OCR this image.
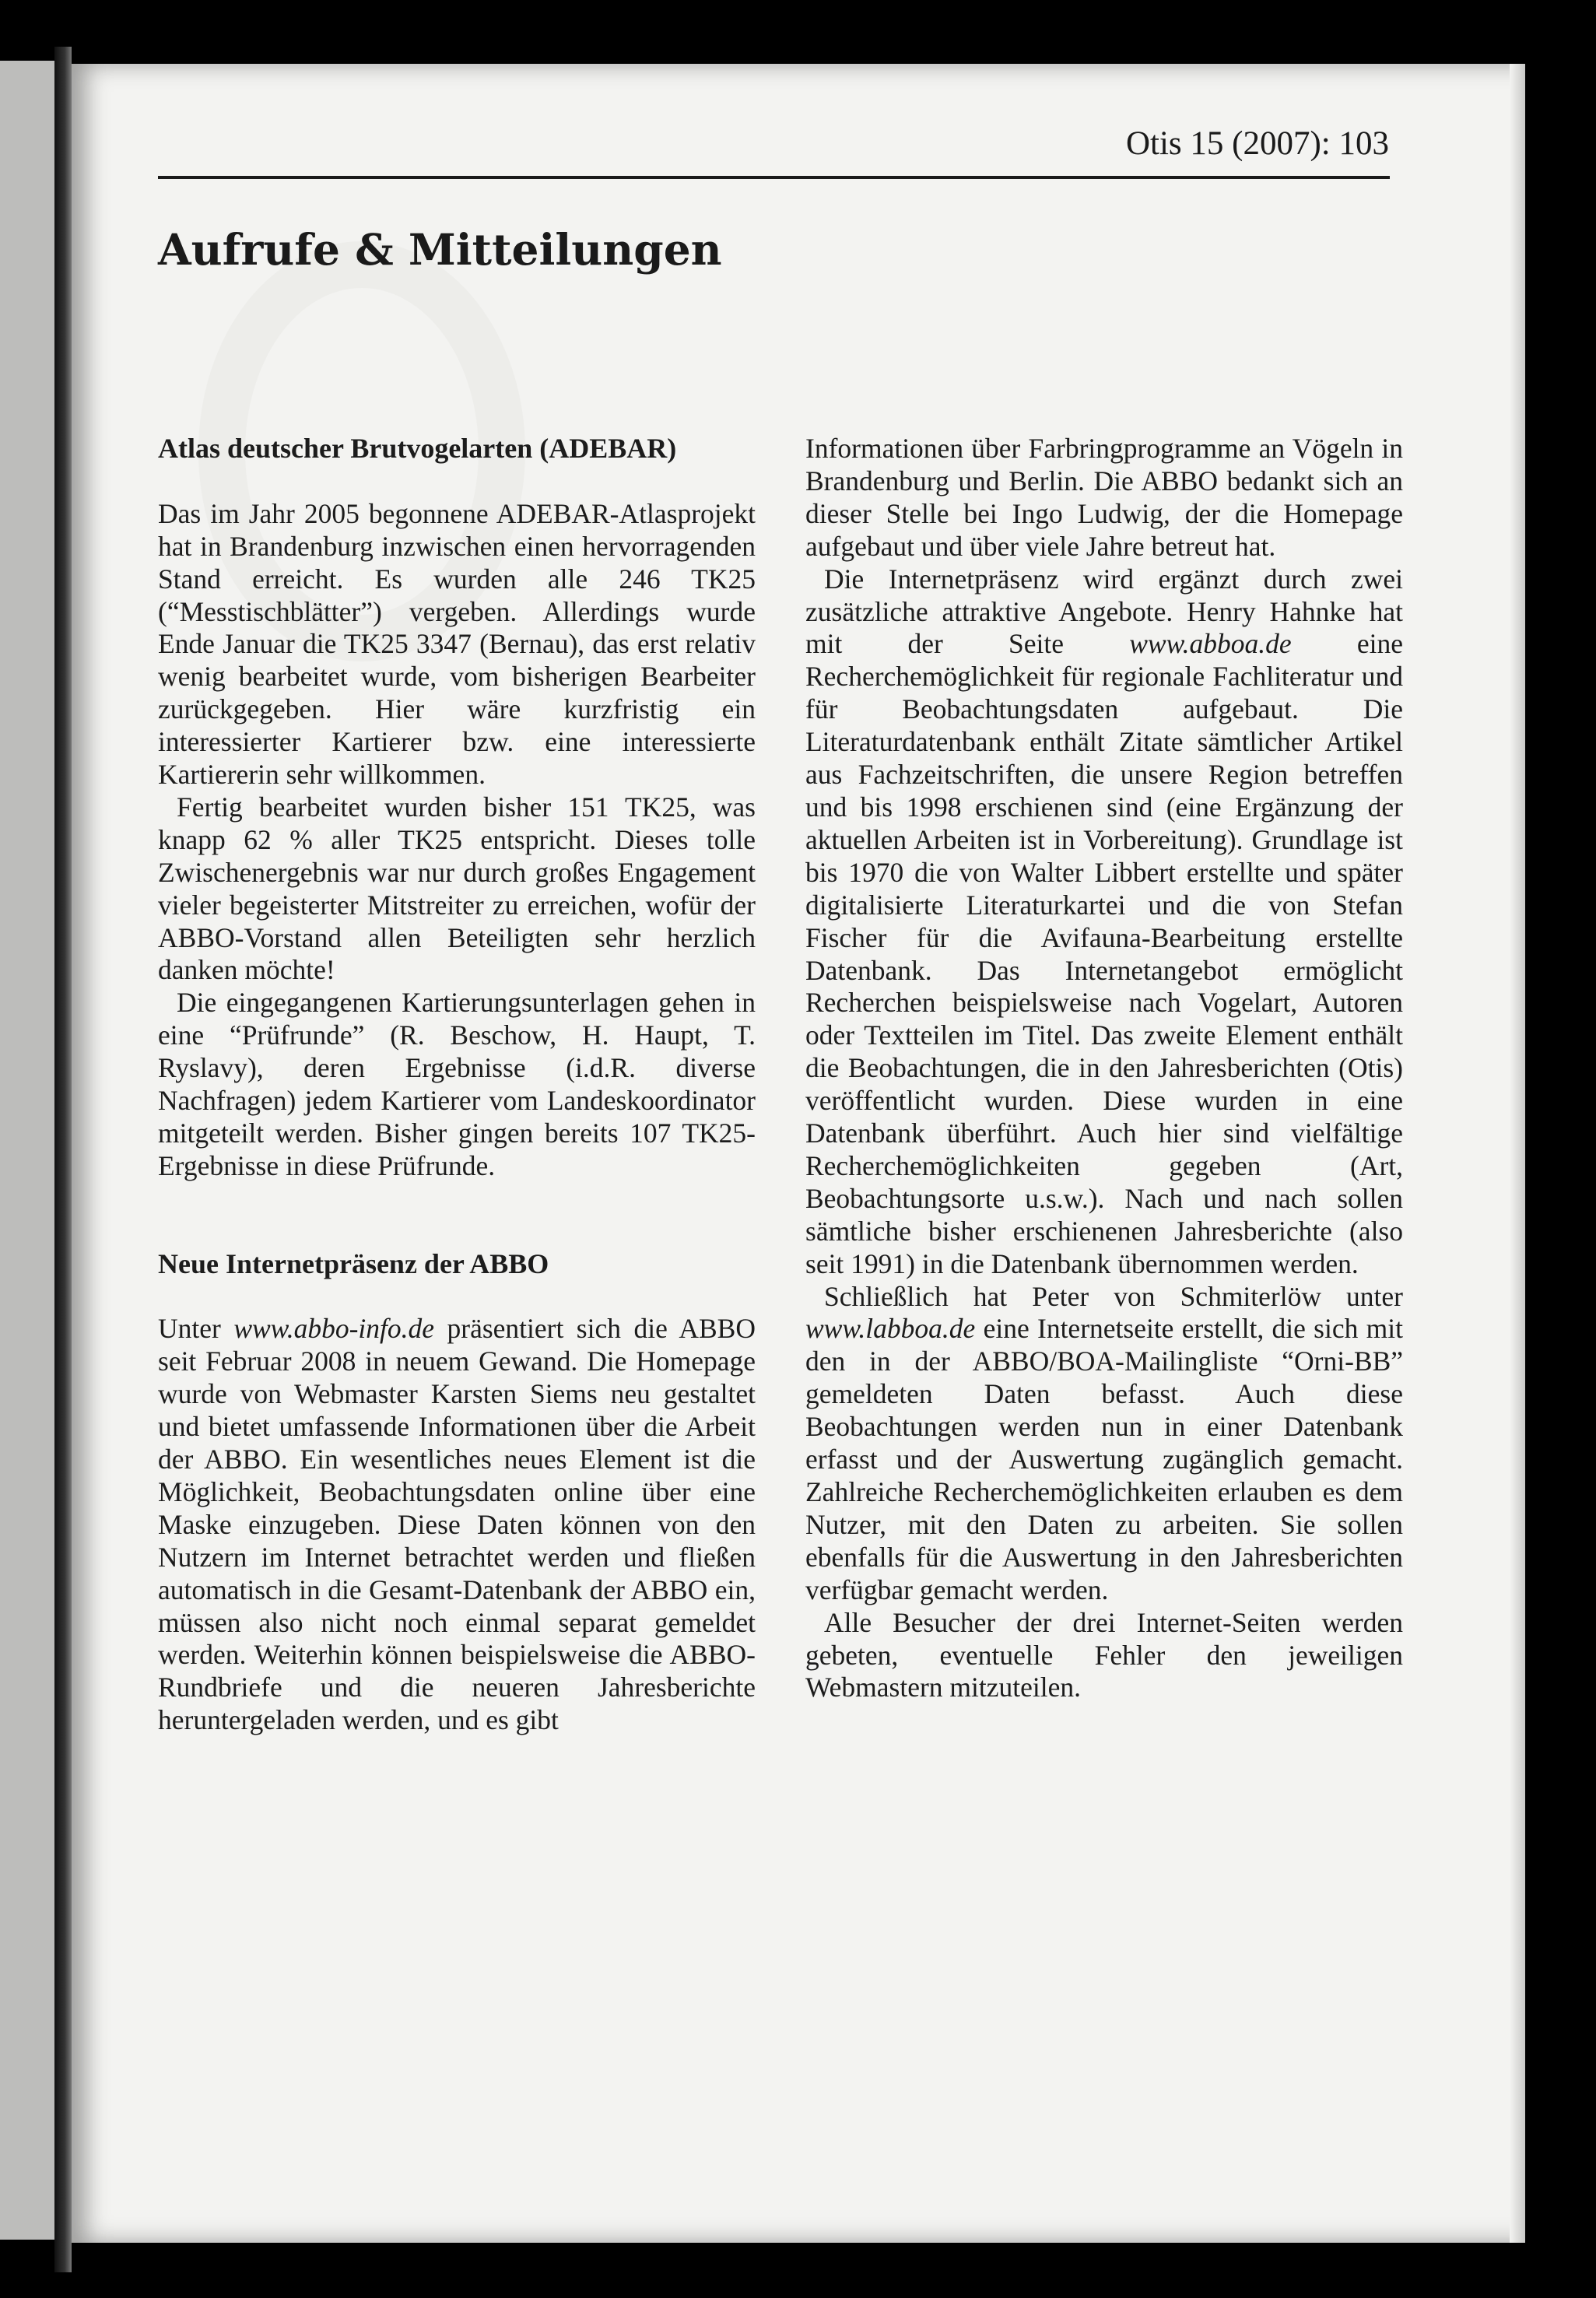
Otis 15 (2007): 103
Aufrufe & Mitteilungen
Atlas deutscher Brutvogelarten (ADEBAR)

Das im Jahr 2005 begonnene ADEBAR-Atlasprojekt hat in Brandenburg inzwischen einen hervorragenden Stand erreicht. Es wurden alle 246 TK25 (“Messtischblätter”) vergeben. Allerdings wurde Ende Januar die TK25 3347 (Bernau), das erst relativ wenig bearbeitet wurde, vom bisherigen Bearbeiter zurückgegeben. Hier wäre kurzfristig ein interessierter Kartierer bzw. eine interessierte Kartiererin sehr willkommen.

Fertig bearbeitet wurden bisher 151 TK25, was knapp 62 % aller TK25 entspricht. Dieses tolle Zwischenergebnis war nur durch großes Engagement vieler begeisterter Mitstreiter zu erreichen, wofür der ABBO-Vorstand allen Beteiligten sehr herzlich danken möchte!

Die eingegangenen Kartierungsunterlagen gehen in eine “Prüfrunde” (R. Beschow, H. Haupt, T. Ryslavy), deren Ergebnisse (i.d.R. diverse Nachfragen) jedem Kartierer vom Landeskoordinator mitgeteilt werden. Bisher gingen bereits 107 TK25-Ergebnisse in diese Prüfrunde.

Neue Internetpräsenz der ABBO

Unter www.abbo-info.de präsentiert sich die ABBO seit Februar 2008 in neuem Gewand. Die Homepage wurde von Webmaster Karsten Siems neu gestaltet und bietet umfassende Informationen über die Arbeit der ABBO. Ein wesentliches neues Element ist die Möglichkeit, Beobachtungsdaten online über eine Maske einzugeben. Diese Daten können von den Nutzern im Internet betrachtet werden und fließen automatisch in die Gesamt-Datenbank der ABBO ein, müssen also nicht noch einmal separat gemeldet werden. Weiterhin können beispielsweise die ABBO-Rundbriefe und die neueren Jahresberichte heruntergeladen werden, und es gibt

Informationen über Farbringprogramme an Vögeln in Brandenburg und Berlin. Die ABBO bedankt sich an dieser Stelle bei Ingo Ludwig, der die Homepage aufgebaut und über viele Jahre betreut hat.

Die Internetpräsenz wird ergänzt durch zwei zusätzliche attraktive Angebote. Henry Hahnke hat mit der Seite www.abboa.de eine Recherchemöglichkeit für regionale Fachliteratur und für Beobachtungsdaten aufgebaut. Die Literaturdatenbank enthält Zitate sämtlicher Artikel aus Fachzeitschriften, die unsere Region betreffen und bis 1998 erschienen sind (eine Ergänzung der aktuellen Arbeiten ist in Vorbereitung). Grundlage ist bis 1970 die von Walter Libbert erstellte und später digitalisierte Literaturkartei und die von Stefan Fischer für die Avifauna-Bearbeitung erstellte Datenbank. Das Internetangebot ermöglicht Recherchen beispielsweise nach Vogelart, Autoren oder Textteilen im Titel. Das zweite Element enthält die Beobachtungen, die in den Jahresberichten (Otis) veröffentlicht wurden. Diese wurden in eine Datenbank überführt. Auch hier sind vielfältige Recherchemöglichkeiten gegeben (Art, Beobachtungsorte u.s.w.). Nach und nach sollen sämtliche bisher erschienenen Jahresberichte (also seit 1991) in die Datenbank übernommen werden.

Schließlich hat Peter von Schmiterlöw unter www.labboa.de eine Internetseite erstellt, die sich mit den in der ABBO/BOA-Mailingliste “Orni-BB” gemeldeten Daten befasst. Auch diese Beobachtungen werden nun in einer Datenbank erfasst und der Auswertung zugänglich gemacht. Zahlreiche Recherchemöglichkeiten erlauben es dem Nutzer, mit den Daten zu arbeiten. Sie sollen ebenfalls für die Auswertung in den Jahresberichten verfügbar gemacht werden.

Alle Besucher der drei Internet-Seiten werden gebeten, eventuelle Fehler den jeweiligen Webmastern mitzuteilen.
